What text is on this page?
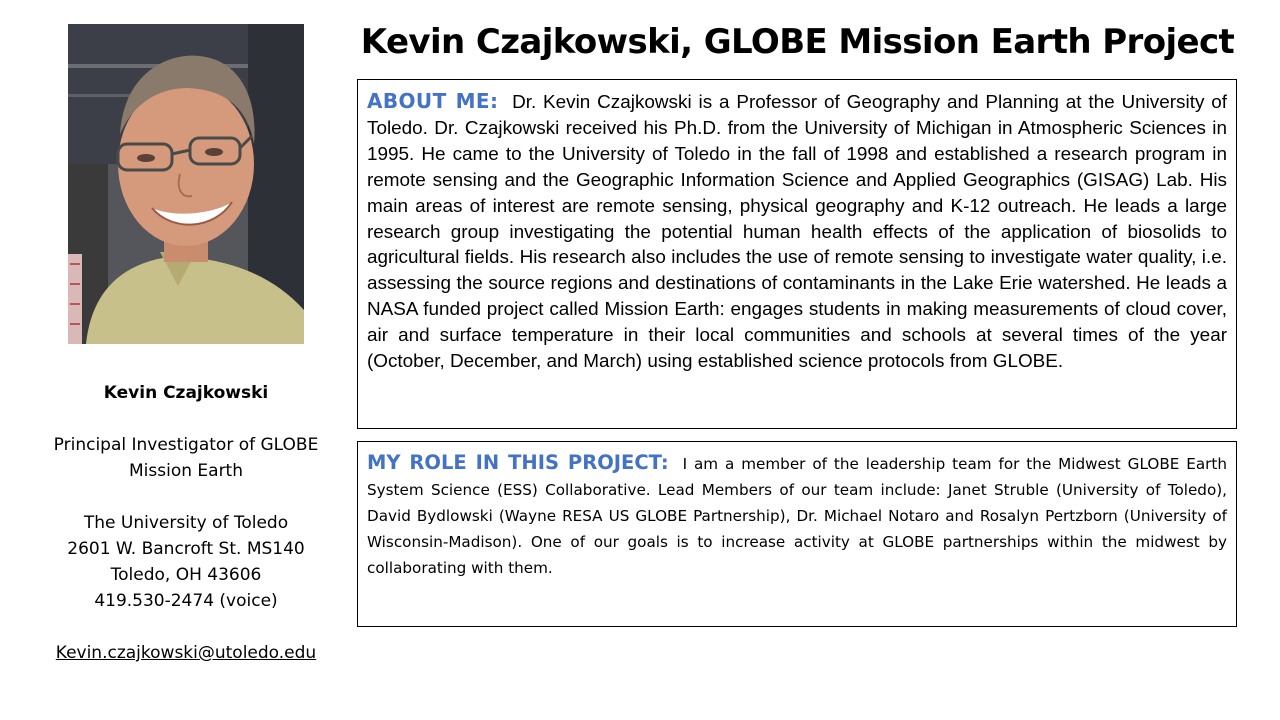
Kevin Czajkowski, GLOBE Mission Earth Project
Kevin Czajkowski
Principal Investigator of GLOBE Mission Earth
The University of Toledo
2601 W. Bancroft St. MS140
Toledo, OH 43606
419.530-2474 (voice)
Kevin.czajkowski@utoledo.edu
ABOUT ME: Dr. Kevin Czajkowski is a Professor of Geography and Planning at the University of Toledo. Dr. Czajkowski received his Ph.D. from the University of Michigan in Atmospheric Sciences in 1995. He came to the University of Toledo in the fall of 1998 and established a research program in remote sensing and the Geographic Information Science and Applied Geographics (GISAG) Lab. His main areas of interest are remote sensing, physical geography and K-12 outreach. He leads a large research group investigating the potential human health effects of the application of biosolids to agricultural fields. His research also includes the use of remote sensing to investigate water quality, i.e. assessing the source regions and destinations of contaminants in the Lake Erie watershed. He leads a NASA funded project called Mission Earth: engages students in making measurements of cloud cover, air and surface temperature in their local communities and schools at several times of the year (October, December, and March) using established science protocols from GLOBE.
MY ROLE IN THIS PROJECT: I am a member of the leadership team for the Midwest GLOBE Earth System Science (ESS) Collaborative. Lead Members of our team include: Janet Struble (University of Toledo), David Bydlowski (Wayne RESA US GLOBE Partnership), Dr. Michael Notaro and Rosalyn Pertzborn (University of Wisconsin-Madison). One of our goals is to increase activity at GLOBE partnerships within the midwest by collaborating with them.
